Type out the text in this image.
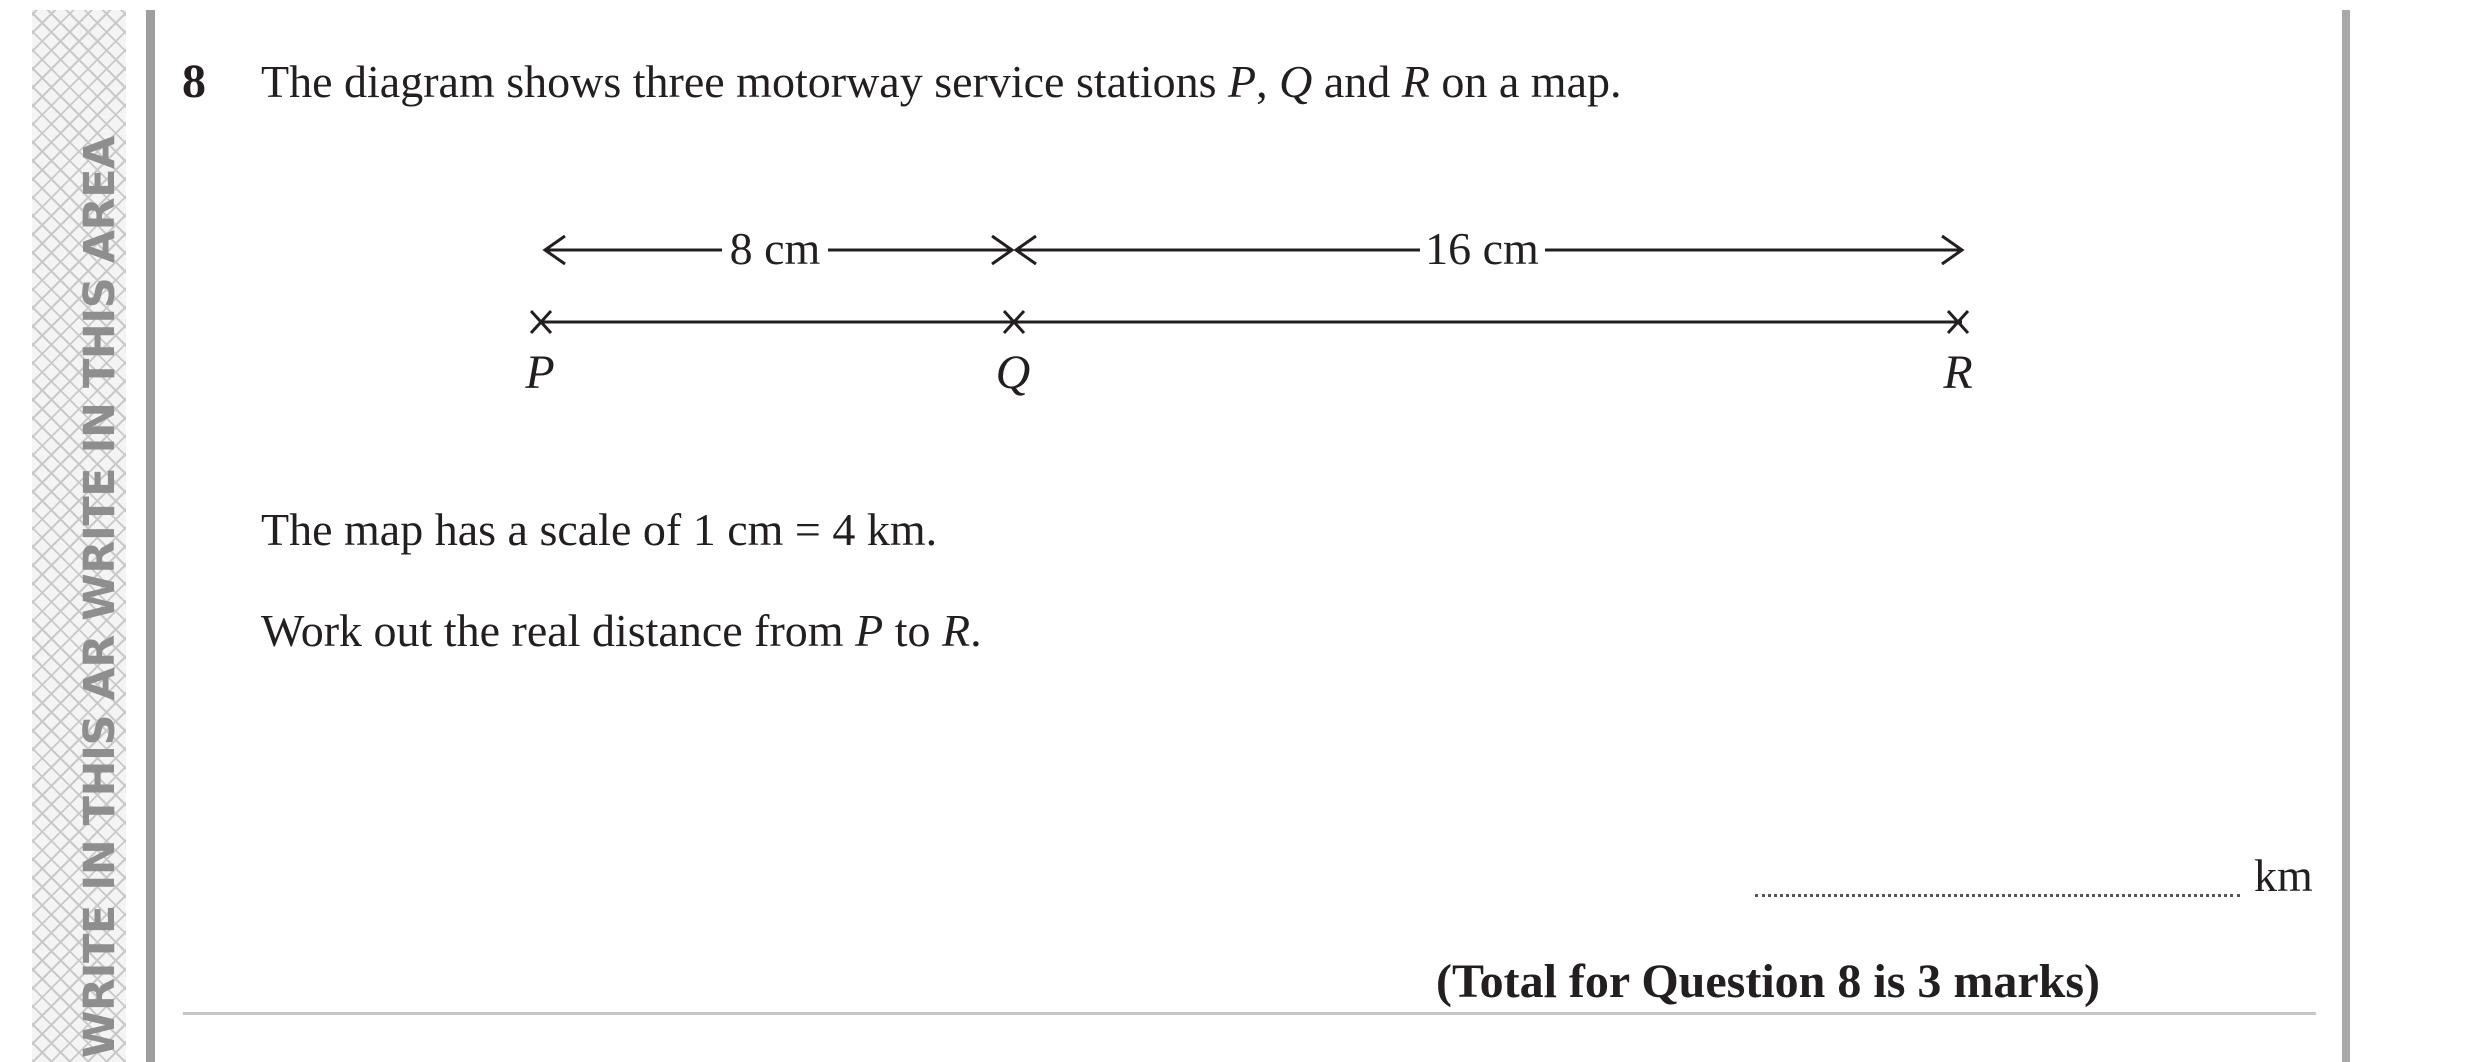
WRITE IN THIS AR WRITE IN THIS AREA
8 The diagram shows three motorway service stations P, Q and R on a map.
8 cm	16 cm
P	Q	R
The map has a scale of 1 cm = 4 km.
Work out the real distance from P to R.
km
(Total for Question 8 is 3 marks)
